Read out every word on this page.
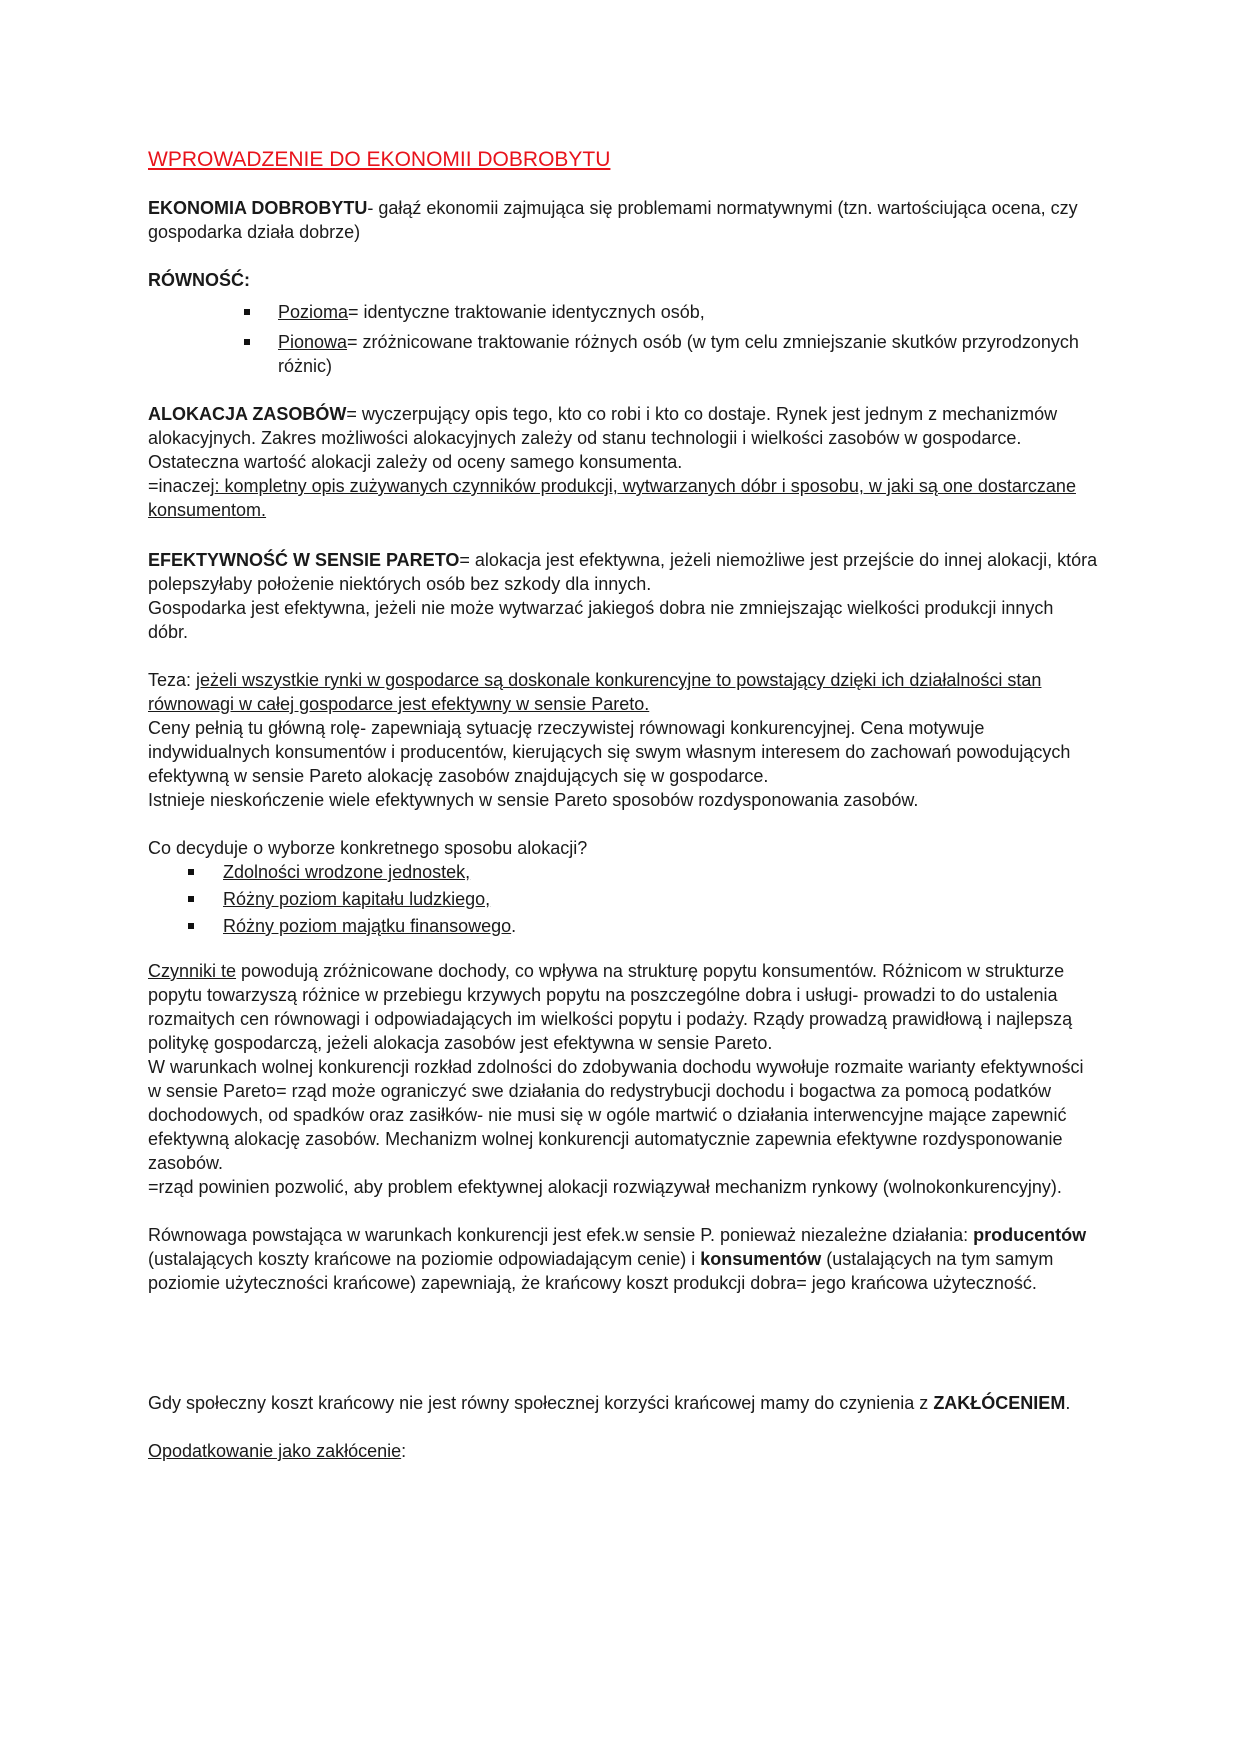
WPROWADZENIE DO EKONOMII DOBROBYTU

EKONOMIA DOBROBYTU- gałąź ekonomii zajmująca się problemami normatywnymi (tzn. wartościująca ocena, czy gospodarka działa dobrze)

RÓWNOŚĆ:

Pozioma= identyczne traktowanie identycznych osób,
Pionowa= zróżnicowane traktowanie różnych osób (w tym celu zmniejszanie skutków przyrodzonych różnic)

ALOKACJA ZASOBÓW= wyczerpujący opis tego, kto co robi i kto co dostaje. Rynek jest jednym z mechanizmów alokacyjnych. Zakres możliwości alokacyjnych zależy od stanu technologii i wielkości zasobów w gospodarce. Ostateczna wartość alokacji zależy od oceny samego konsumenta.
=inaczej: kompletny opis zużywanych czynników produkcji, wytwarzanych dóbr i sposobu, w jaki są one dostarczane konsumentom.

EFEKTYWNOŚĆ W SENSIE PARETO= alokacja jest efektywna, jeżeli niemożliwe jest przejście do innej alokacji, która polepszyłaby położenie niektórych osób bez szkody dla innych.

Gospodarka jest efektywna, jeżeli nie może wytwarzać jakiegoś dobra nie zmniejszając wielkości produkcji innych dóbr.

Teza: jeżeli wszystkie rynki w gospodarce są doskonale konkurencyjne to powstający dzięki ich działalności stan równowagi w całej gospodarce jest efektywny w sensie Pareto.

Ceny pełnią tu główną rolę- zapewniają sytuację rzeczywistej równowagi konkurencyjnej. Cena motywuje indywidualnych konsumentów i producentów, kierujących się swym własnym interesem do zachowań powodujących efektywną w sensie Pareto alokację zasobów znajdujących się w gospodarce.

Istnieje nieskończenie wiele efektywnych w sensie Pareto sposobów rozdysponowania zasobów.

Co decyduje o wyborze konkretnego sposobu alokacji?

Zdolności wrodzone jednostek,
Różny poziom kapitału ludzkiego,
Różny poziom majątku finansowego.

Czynniki te powodują zróżnicowane dochody, co wpływa na strukturę popytu konsumentów. Różnicom w strukturze popytu towarzyszą różnice w przebiegu krzywych popytu na poszczególne dobra i usługi- prowadzi to do ustalenia rozmaitych cen równowagi i odpowiadających im wielkości popytu i podaży. Rządy prowadzą prawidłową i najlepszą politykę gospodarczą, jeżeli alokacja zasobów jest efektywna w sensie Pareto.

W warunkach wolnej konkurencji rozkład zdolności do zdobywania dochodu wywołuje rozmaite warianty efektywności w sensie Pareto= rząd może ograniczyć swe działania do redystrybucji dochodu i bogactwa za pomocą podatków dochodowych, od spadków oraz zasiłków- nie musi się w ogóle martwić o działania interwencyjne mające zapewnić efektywną alokację zasobów. Mechanizm wolnej konkurencji automatycznie zapewnia efektywne rozdysponowanie zasobów.

=rząd powinien pozwolić, aby problem efektywnej alokacji rozwiązywał mechanizm rynkowy (wolnokonkurencyjny).

Równowaga powstająca w warunkach konkurencji jest efek.w sensie P. ponieważ niezależne działania: producentów (ustalających koszty krańcowe na poziomie odpowiadającym cenie) i konsumentów (ustalających na tym samym poziomie użyteczności krańcowe) zapewniają, że krańcowy koszt produkcji dobra= jego krańcowa użyteczność.

Gdy społeczny koszt krańcowy nie jest równy społecznej korzyści krańcowej mamy do czynienia z ZAKŁÓCENIEM.

Opodatkowanie jako zakłócenie:
